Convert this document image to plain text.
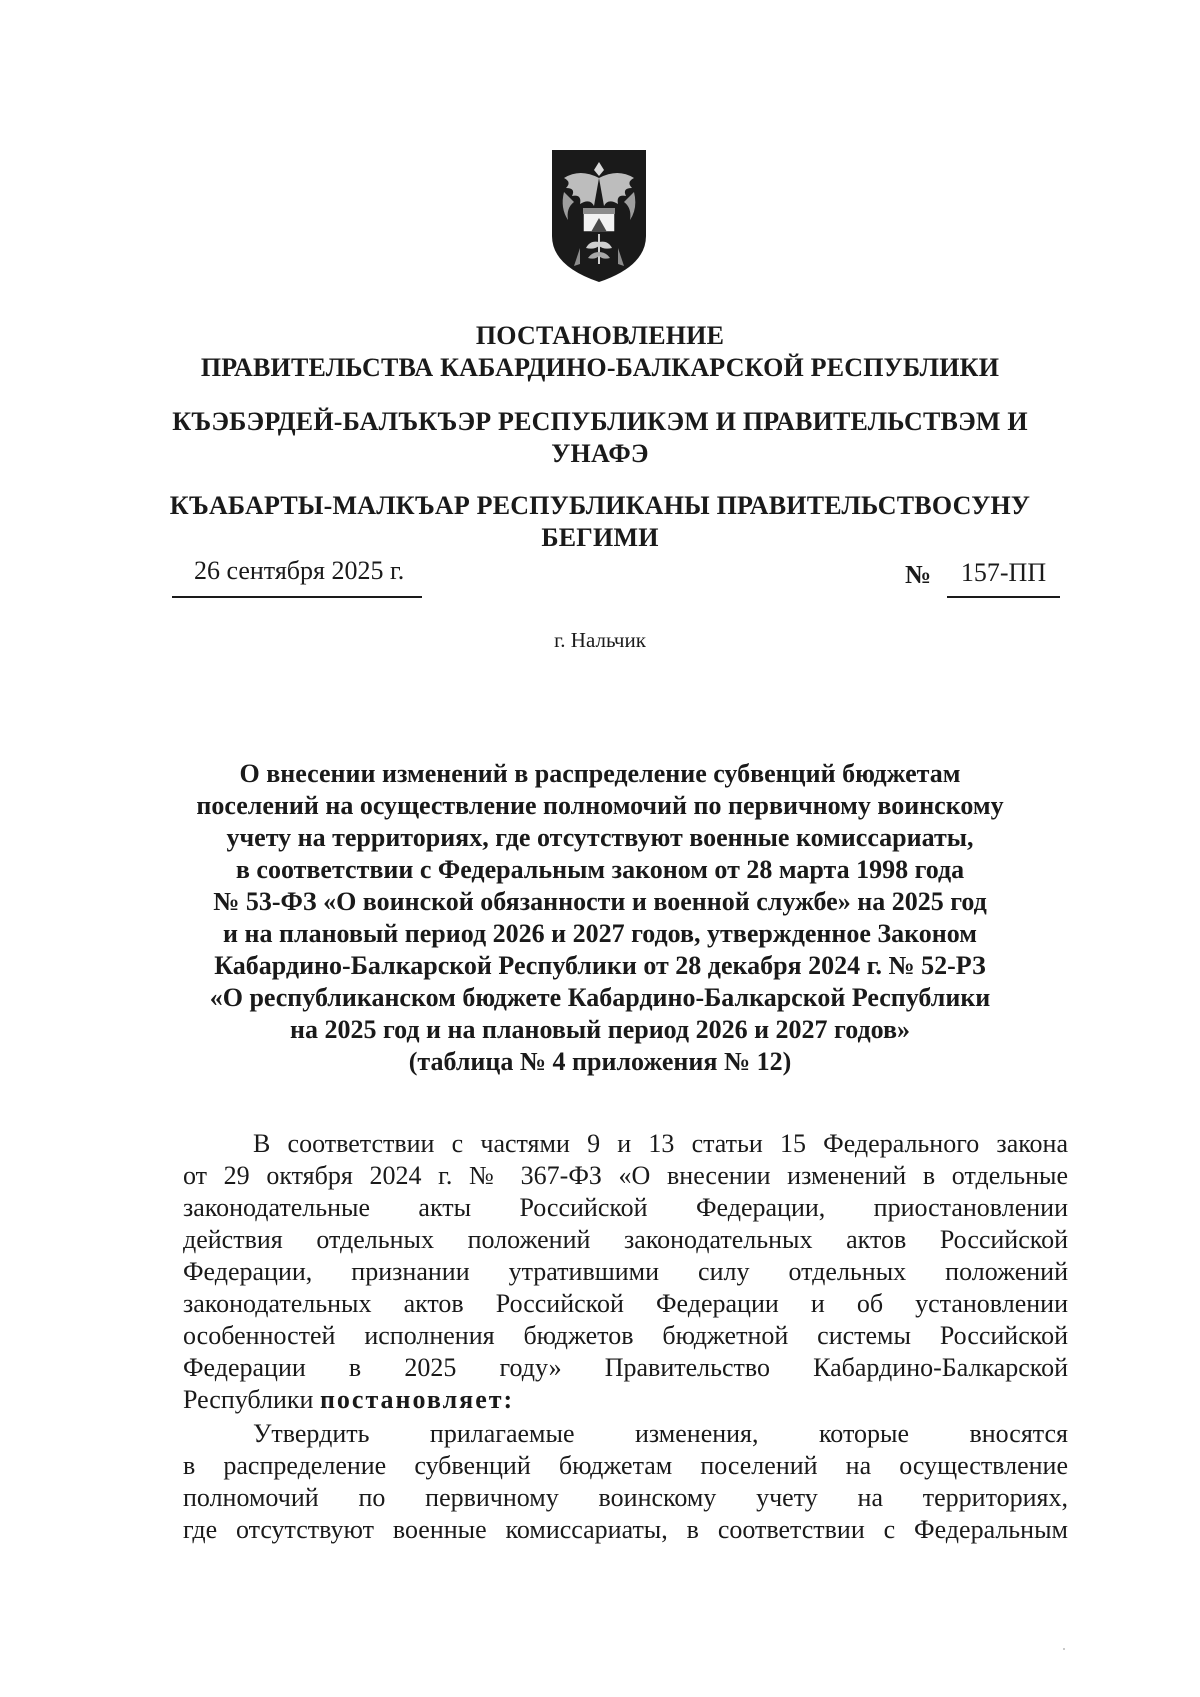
ПОСТАНОВЛЕНИЕ
ПРАВИТЕЛЬСТВА КАБАРДИНО-БАЛКАРСКОЙ РЕСПУБЛИКИ
КЪЭБЭРДЕЙ-БАЛЪКЪЭР РЕСПУБЛИКЭМ И ПРАВИТЕЛЬСТВЭМ И
УНАФЭ
КЪАБАРТЫ-МАЛКЪАР РЕСПУБЛИКАНЫ ПРАВИТЕЛЬСТВОСУНУ
БЕГИМИ
26 сентября 2025 г.	№	157-ПП
г. Нальчик
О внесении изменений в распределение субвенций бюджетам
поселений на осуществление полномочий по первичному воинскому
учету на территориях, где отсутствуют военные комиссариаты,
в соответствии с Федеральным законом от 28 марта 1998 года
№ 53-ФЗ «О воинской обязанности и военной службе» на 2025 год
и на плановый период 2026 и 2027 годов, утвержденное Законом
Кабардино-Балкарской Республики от 28 декабря 2024 г. № 52-РЗ
«О республиканском бюджете Кабардино-Балкарской Республики
на 2025 год и на плановый период 2026 и 2027 годов»
(таблица № 4 приложения № 12)
В соответствии с частями 9 и 13 статьи 15 Федерального закона
от 29 октября 2024 г. № 367-ФЗ «О внесении изменений в отдельные
законодательные акты Российской Федерации, приостановлении
действия отдельных положений законодательных актов Российской
Федерации, признании утратившими силу отдельных положений
законодательных актов Российской Федерации и об установлении
особенностей исполнения бюджетов бюджетной системы Российской
Федерации в 2025 году» Правительство Кабардино-Балкарской
Республики постановляет:
Утвердить прилагаемые изменения, которые вносятся
в распределение субвенций бюджетам поселений на осуществление
полномочий по первичному воинскому учету на территориях,
где отсутствуют военные комиссариаты, в соответствии с Федеральным
